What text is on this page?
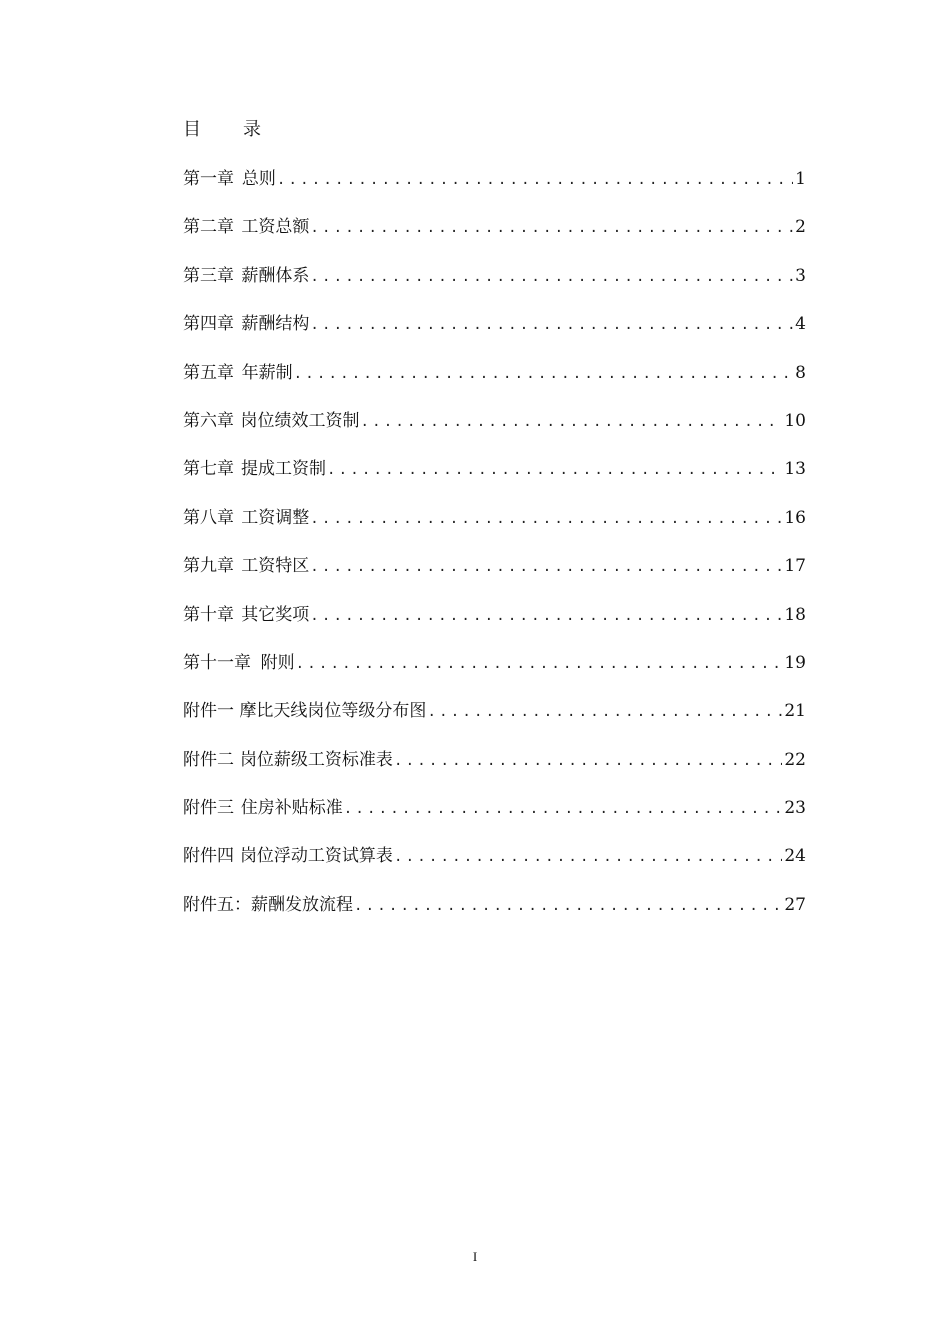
目　录
第一章 总则 .....	1
第二章 工资总额 .....	2
第三章 薪酬体系 .....	3
第四章 薪酬结构 .....	4
第五章 年薪制 .....	8
第六章 岗位绩效工资制 .....	10
第七章 提成工资制 .....	13
第八章 工资调整 .....	16
第九章 工资特区 .....	17
第十章 其它奖项 .....	18
第十一章 附则 .....	19
附件一 摩比天线岗位等级分布图 .....	21
附件二 岗位薪级工资标准表 .....	22
附件三 住房补贴标准 .....	23
附件四 岗位浮动工资试算表 .....	24
附件五： 薪酬发放流程 .....	27
I
